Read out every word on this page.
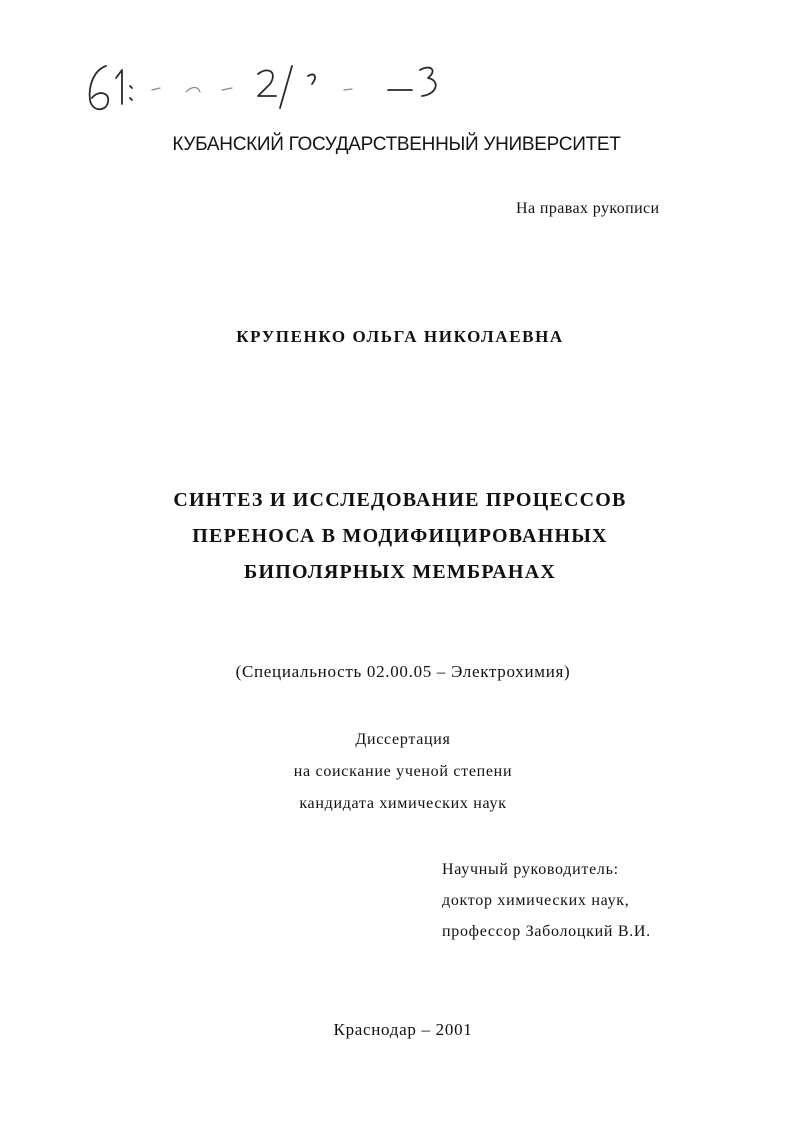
61 : 02-2/ 2 -3
КУБАНСКИЙ ГОСУДАРСТВЕННЫЙ УНИВЕРСИТЕТ
На правах рукописи
КРУПЕНКО ОЛЬГА НИКОЛАЕВНА
СИНТЕЗ И ИССЛЕДОВАНИЕ ПРОЦЕССОВ
ПЕРЕНОСА В МОДИФИЦИРОВАННЫХ
БИПОЛЯРНЫХ МЕМБРАНАХ
(Специальность 02.00.05 – Электрохимия)
Диссертация
на соискание ученой степени
кандидата химических наук
Научный руководитель:
доктор химических наук,
профессор Заболоцкий В.И.
Краснодар – 2001
